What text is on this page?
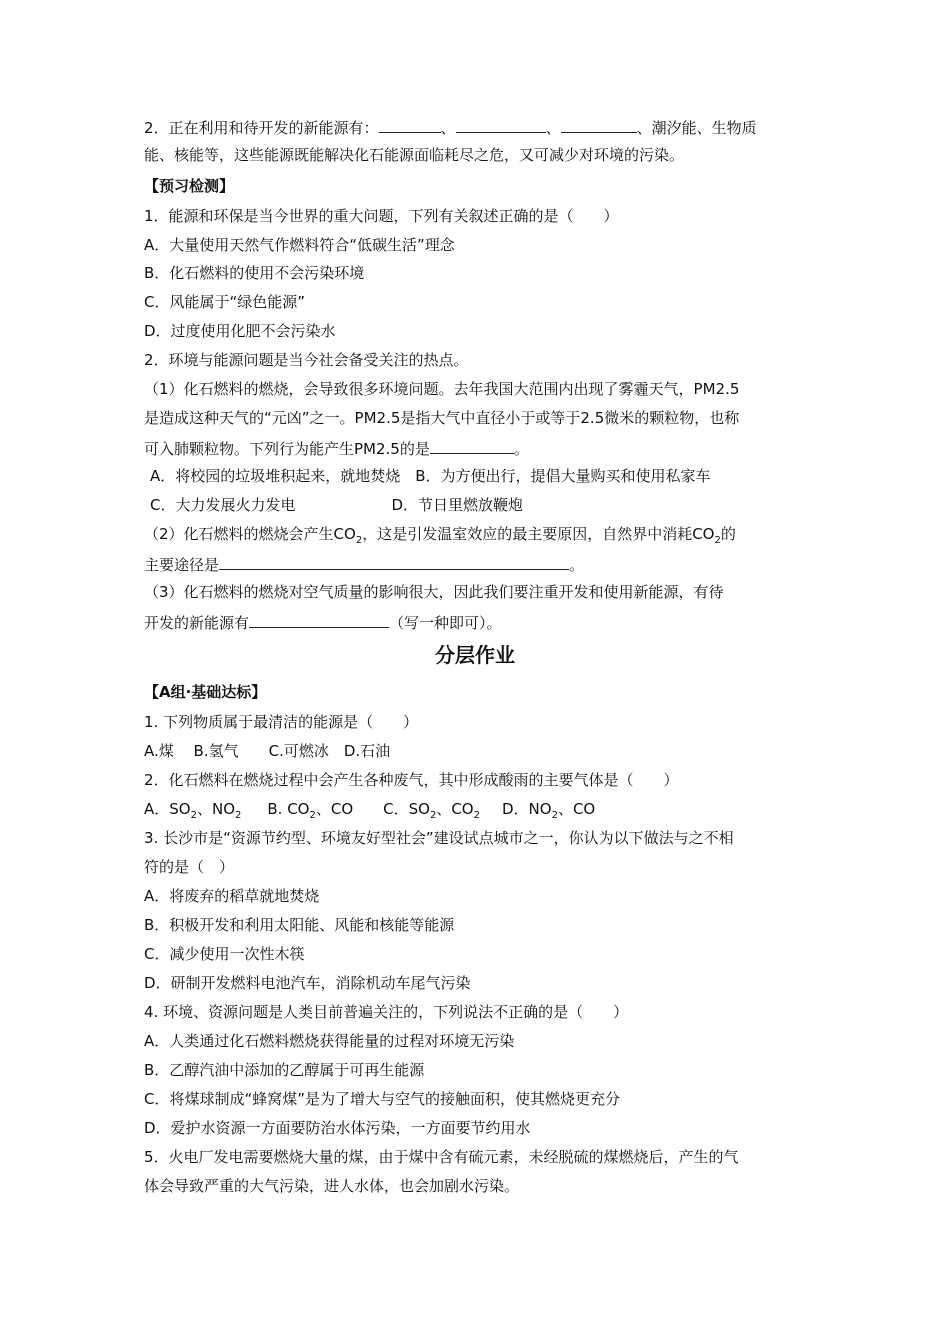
2．正在利用和待开发的新能源有：	、	、	、潮汐能、生物质
能、核能等，这些能源既能解决化石能源面临耗尽之危，又可减少对环境的污染。
【预习检测】
1．能源和环保是当今世界的重大问题，下列有关叙述正确的是（　　）
A．大量使用天然气作燃料符合“低碳生活”理念
B．化石燃料的使用不会污染环境
C．风能属于“绿色能源”
D．过度使用化肥不会污染水
2．环境与能源问题是当今社会备受关注的热点。
（1）化石燃料的燃烧，会导致很多环境问题。去年我国大范围内出现了雾霾天气，PM2.5
是造成这种天气的“元凶”之一。PM2.5是指大气中直径小于或等于2.5微米的颗粒物，也称
可入肺颗粒物。下列行为能产生PM2.5的是	。
A．将校园的垃圾堆积起来，就地焚烧　B．为方便出行，提倡大量购买和使用私家车
C．大力发展火力发电	D．节日里燃放鞭炮
（2）化石燃料的燃烧会产生$CO_2$，这是引发温室效应的最主要原因，自然界中消耗$CO_2$的
主要途径是	。
（3）化石燃料的燃烧对空气质量的影响很大，因此我们要注重开发和使用新能源，有待
开发的新能源有	（写一种即可）。
分层作业
【A组·基础达标】
1. 下列物质属于最清洁的能源是（　　）
A.煤　 B.氢气　　C.可燃冰　D.石油
2．化石燃料在燃烧过程中会产生各种废气，其中形成酸雨的主要气体是（　　）
A．$SO_2$、$NO_2$ B. $CO_2$、CO C．$SO_2$、$CO_2$ D．$NO_2$、CO
3. 长沙市是“资源节约型、环境友好型社会”建设试点城市之一，你认为以下做法与之不相
符的是（　）
A．将废弃的稻草就地焚烧
B．积极开发和利用太阳能、风能和核能等能源
C．减少使用一次性木筷
D．研制开发燃料电池汽车，消除机动车尾气污染
4. 环境、资源问题是人类目前普遍关注的，下列说法不正确的是（　　）
A．人类通过化石燃料燃烧获得能量的过程对环境无污染
B．乙醇汽油中添加的乙醇属于可再生能源
C．将煤球制成“蜂窝煤”是为了增大与空气的接触面积，使其燃烧更充分
D．爱护水资源一方面要防治水体污染，一方面要节约用水
5．火电厂发电需要燃烧大量的煤，由于煤中含有硫元素，未经脱硫的煤燃烧后，产生的气
体会导致严重的大气污染，进人水体，也会加剧水污染。
